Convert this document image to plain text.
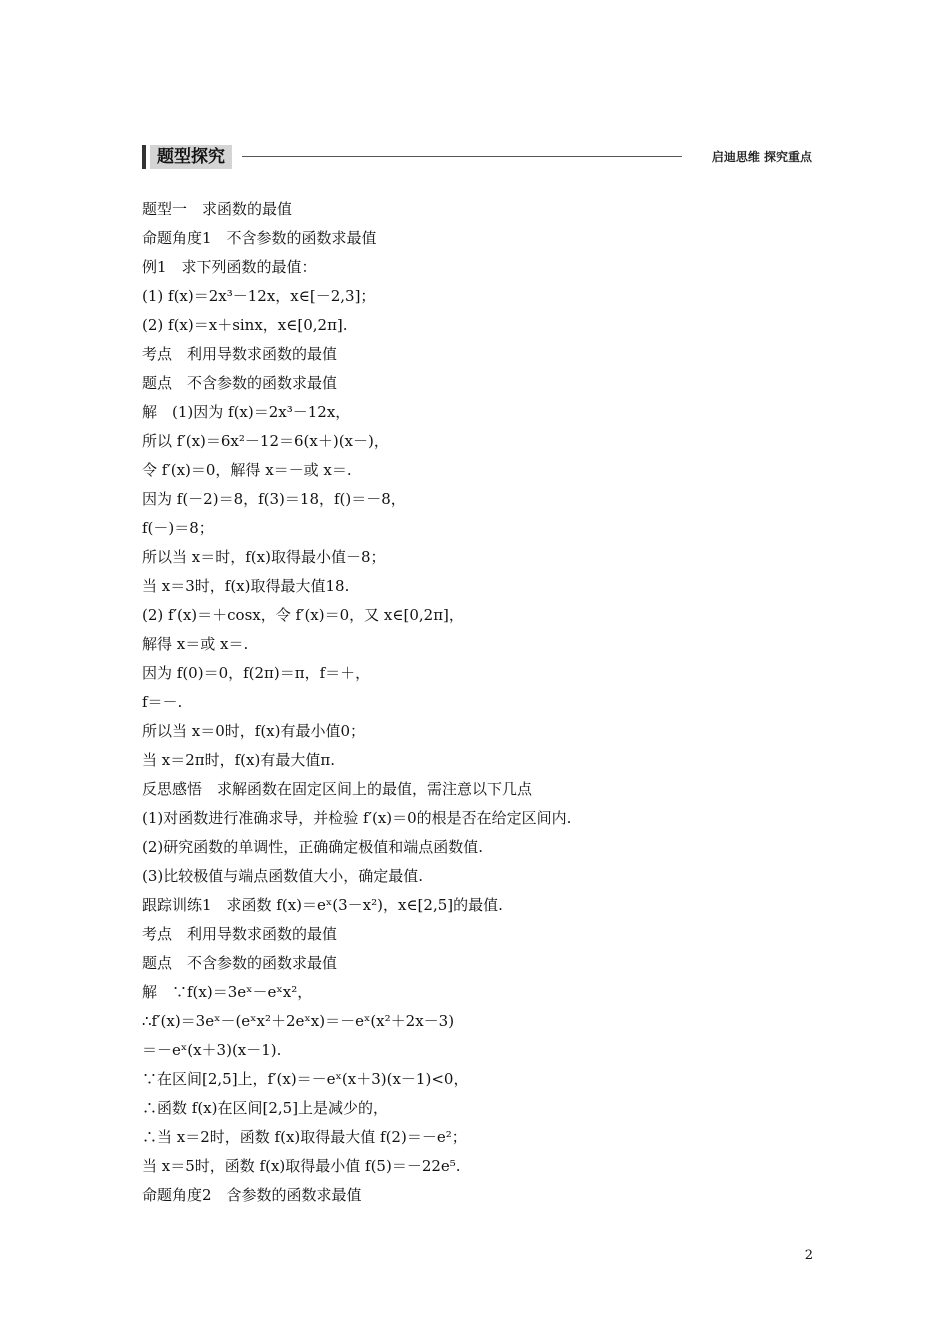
题型探究	启迪思维 探究重点
题型一　求函数的最值
命题角度1　不含参数的函数求最值
例1　求下列函数的最值：
(1) f(x)＝2x³－12x，x∈[－2,3]；
(2) f(x)＝x＋sinx，x∈[0,2π].
考点　利用导数求函数的最值
题点　不含参数的函数求最值
解　(1)因为 f(x)＝2x³－12x，
所以 f′(x)＝6x²－12＝6(x＋)(x－)，
令 f′(x)＝0，解得 x＝－或 x＝.
因为 f(－2)＝8，f(3)＝18，f()＝－8，
f(－)＝8；
所以当 x＝时，f(x)取得最小值－8；
当 x＝3时，f(x)取得最大值18.
(2) f′(x)＝＋cosx，令 f′(x)＝0，又 x∈[0,2π]，
解得 x＝或 x＝.
因为 f(0)＝0，f(2π)＝π，f＝＋，
f＝－.
所以当 x＝0时，f(x)有最小值0；
当 x＝2π时，f(x)有最大值π.
反思感悟　求解函数在固定区间上的最值，需注意以下几点
(1)对函数进行准确求导，并检验 f′(x)＝0的根是否在给定区间内.
(2)研究函数的单调性，正确确定极值和端点函数值.
(3)比较极值与端点函数值大小，确定最值.
跟踪训练1　求函数 f(x)＝eˣ(3－x²)，x∈[2,5]的最值.
考点　利用导数求函数的最值
题点　不含参数的函数求最值
解　∵f(x)＝3eˣ－eˣx²，
∴f′(x)＝3eˣ－(eˣx²＋2eˣx)＝－eˣ(x²＋2x－3)
＝－eˣ(x＋3)(x－1).
∵在区间[2,5]上，f′(x)＝－eˣ(x＋3)(x－1)<0，
∴函数 f(x)在区间[2,5]上是减少的，
∴当 x＝2时，函数 f(x)取得最大值 f(2)＝－e²；
当 x＝5时，函数 f(x)取得最小值 f(5)＝－22e⁵.
命题角度2　含参数的函数求最值
2
